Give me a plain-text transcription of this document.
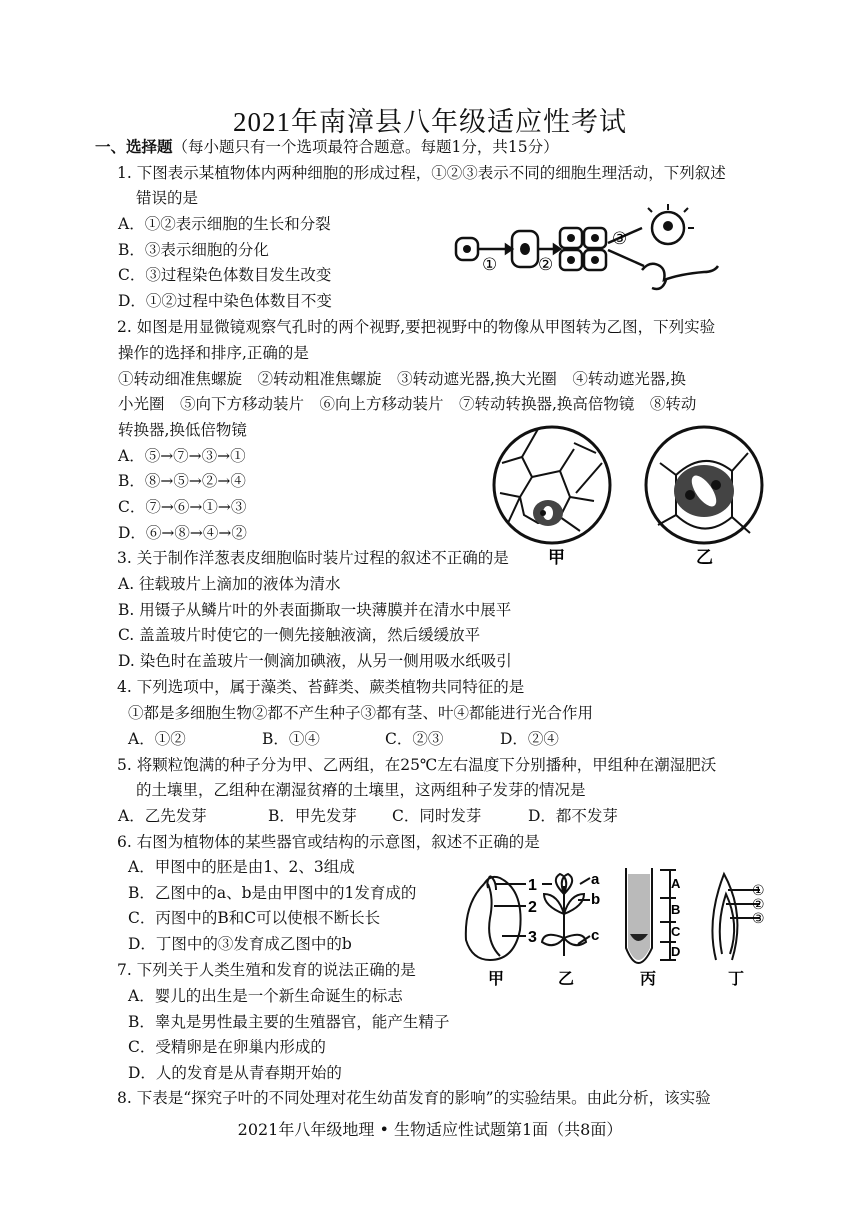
2021年南漳县八年级适应性考试
一、选择题（每小题只有一个选项最符合题意。每题1分，共15分）
1. 下图表示某植物体内两种细胞的形成过程，①②③表示不同的细胞生理活动，下列叙述
错误的是
A．①②表示细胞的生长和分裂
B．③表示细胞的分化
C．③过程染色体数目发生改变
D．①②过程中染色体数目不变
① ②
③
2. 如图是用显微镜观察气孔时的两个视野,要把视野中的物像从甲图转为乙图，下列实验
操作的选择和排序,正确的是
①转动细准焦螺旋　②转动粗准焦螺旋　③转动遮光器,换大光圈　④转动遮光器,换
小光圈　⑤向下方移动装片　⑥向上方移动装片　⑦转动转换器,换高倍物镜　⑧转动
转换器,换低倍物镜
A．⑤→⑦→③→①
B．⑧→⑤→②→④
C．⑦→⑥→①→③
D．⑥→⑧→④→②
甲	乙
3. 关于制作洋葱表皮细胞临时装片过程的叙述不正确的是
A. 往载玻片上滴加的液体为清水
B. 用镊子从鳞片叶的外表面撕取一块薄膜并在清水中展平
C. 盖盖玻片时使它的一侧先接触液滴，然后缓缓放平
D. 染色时在盖玻片一侧滴加碘液，从另一侧用吸水纸吸引
4. 下列选项中，属于藻类、苔藓类、蕨类植物共同特征的是
①都是多细胞生物②都不产生种子③都有茎、叶④都能进行光合作用
A．①②	B．①④	C．②③	D．②④
5. 将颗粒饱满的种子分为甲、乙两组，在25℃左右温度下分别播种，甲组种在潮湿肥沃
的土壤里，乙组种在潮湿贫瘠的土壤里，这两组种子发芽的情况是
A．乙先发芽	B．甲先发芽 C．同时发芽	D．都不发芽
6. 右图为植物体的某些器官或结构的示意图，叙述不正确的是
A．甲图中的胚是由1、2、3组成
B．乙图中的a、b是由甲图中的1发育成的
C．丙图中的B和C可以使根不断长长
D．丁图中的③发育成乙图中的b
1
2
3
a
b
c
A
B
C
D
①
②
③
甲	乙	丙	丁
7. 下列关于人类生殖和发育的说法正确的是
A．婴儿的出生是一个新生命诞生的标志
B．睾丸是男性最主要的生殖器官，能产生精子
C．受精卵是在卵巢内形成的
D．人的发育是从青春期开始的
8. 下表是“探究子叶的不同处理对花生幼苗发育的影响”的实验结果。由此分析，该实验
2021年八年级地理 • 生物适应性试题第1面（共8面）
